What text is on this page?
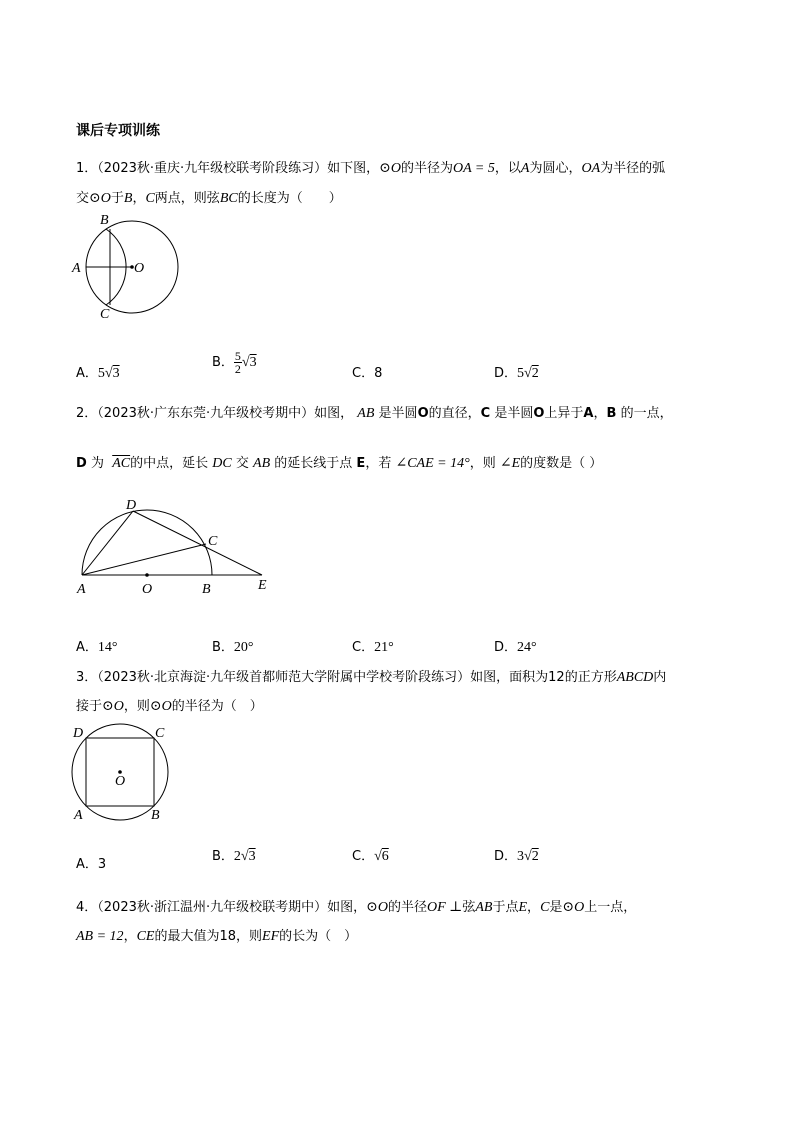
课后专项训练
1．（2023秋·重庆·九年级校联考阶段练习）如下图，⊙O的半径为OA = 5，以A为圆心，OA为半径的弧
交⊙O于B，C两点，则弦BC的长度为（　　）
B
A	O
C
A．5√3
B． $\frac{5}{2} √3$
C．8	D．5√2
2．（2023秋·广东东莞·九年级校考期中）如图， AB 是半圆O的直径，C 是半圆O上异于A，B 的一点，
D 为 $\overline{AC}$的中点，延长 DC 交 AB 的延长线于点 E，若 ∠CAE = 14°，则 ∠E的度数是（ ）
D
C
A	O	B	E
A．14°	B．20°	C．21°	D．24°
3．（2023秋·北京海淀·九年级首都师范大学附属中学校考阶段练习）如图，面积为12的正方形ABCD内
接于⊙O，则⊙O的半径为（　）
D	C
O
A	B
A．3
B．2√3	C．√6	D．3√2
4．（2023秋·浙江温州·九年级校联考期中）如图，⊙O的半径OF ⊥弦AB于点E，C是⊙O上一点，
AB = 12，CE的最大值为18，则EF的长为（　）
